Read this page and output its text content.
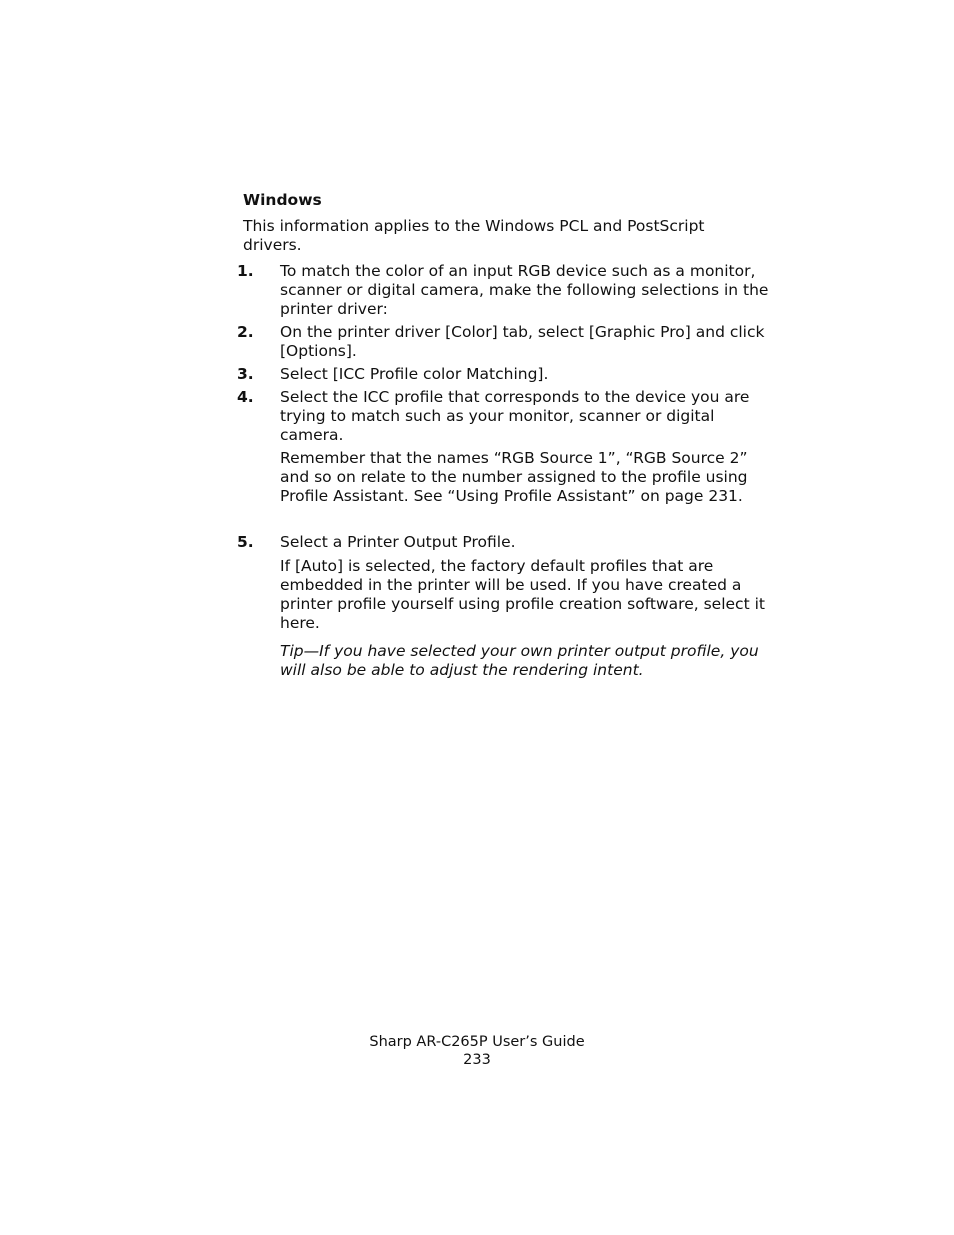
Windows
This information applies to the Windows PCL and PostScript drivers.
1. To match the color of an input RGB device such as a monitor, scanner or digital camera, make the following selections in the printer driver:
2. On the printer driver [Color] tab, select [Graphic Pro] and click [Options].
3. Select [ICC Profile color Matching].
4. Select the ICC profile that corresponds to the device you are trying to match such as your monitor, scanner or digital camera.
Remember that the names “RGB Source 1”, “RGB Source 2” and so on relate to the number assigned to the profile using Profile Assistant. See “Using Profile Assistant” on page 231.
5. Select a Printer Output Profile.
If [Auto] is selected, the factory default profiles that are embedded in the printer will be used. If you have created a printer profile yourself using profile creation software, select it here.
Tip—If you have selected your own printer output profile, you will also be able to adjust the rendering intent.
Sharp AR-C265P User’s Guide
233
